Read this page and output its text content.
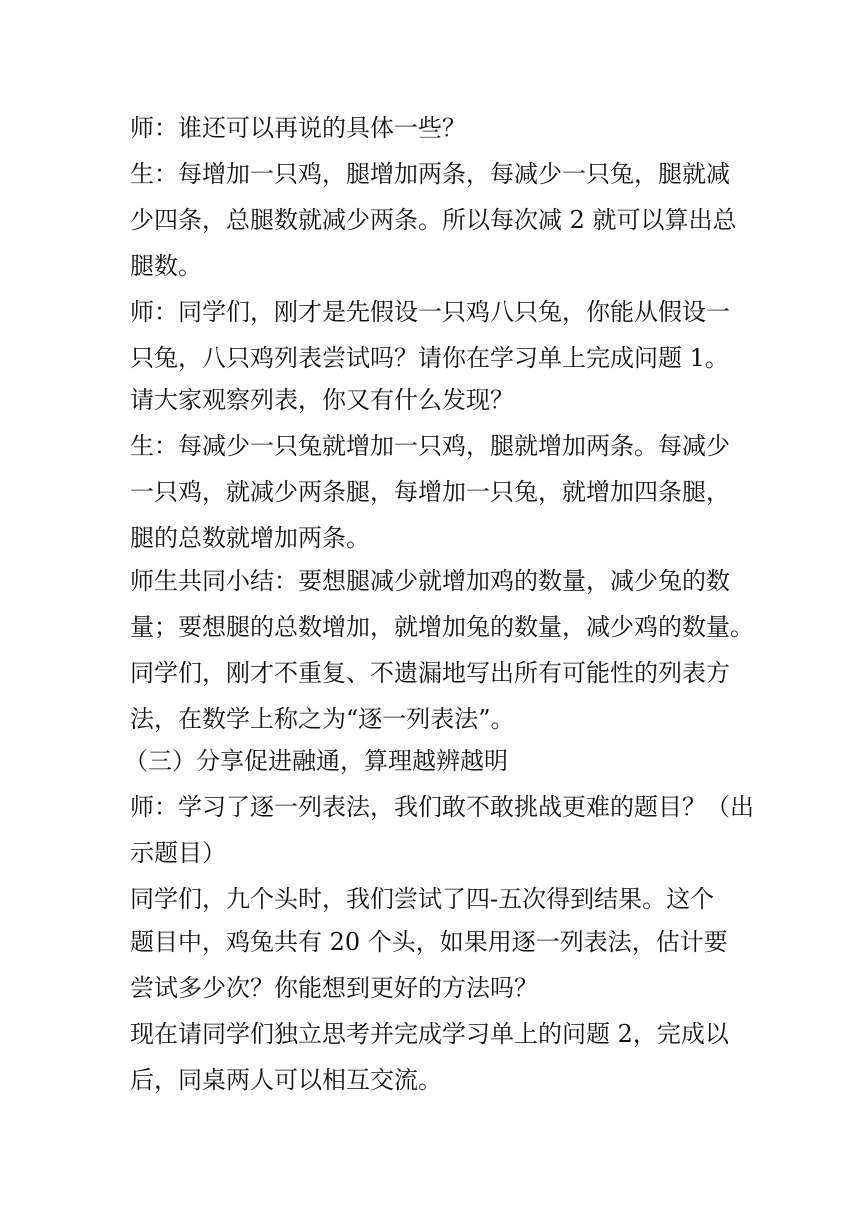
师：谁还可以再说的具体一些？
生：每增加一只鸡，腿增加两条，每减少一只兔，腿就减
少四条，总腿数就减少两条。所以每次减 2 就可以算出总
腿数。
师：同学们，刚才是先假设一只鸡八只兔，你能从假设一
只兔，八只鸡列表尝试吗？请你在学习单上完成问题 1。
请大家观察列表，你又有什么发现？
生：每减少一只兔就增加一只鸡，腿就增加两条。每减少
一只鸡，就减少两条腿，每增加一只兔，就增加四条腿，
腿的总数就增加两条。
师生共同小结：要想腿减少就增加鸡的数量，减少兔的数
量；要想腿的总数增加，就增加兔的数量，减少鸡的数量。
同学们，刚才不重复、不遗漏地写出所有可能性的列表方
法，在数学上称之为“逐一列表法”。
（三）分享促进融通，算理越辨越明
师：学习了逐一列表法，我们敢不敢挑战更难的题目？（出
示题目）
同学们，九个头时，我们尝试了四-五次得到结果。这个
题目中，鸡兔共有 20 个头，如果用逐一列表法，估计要
尝试多少次？你能想到更好的方法吗？
现在请同学们独立思考并完成学习单上的问题 2，完成以
后，同桌两人可以相互交流。
